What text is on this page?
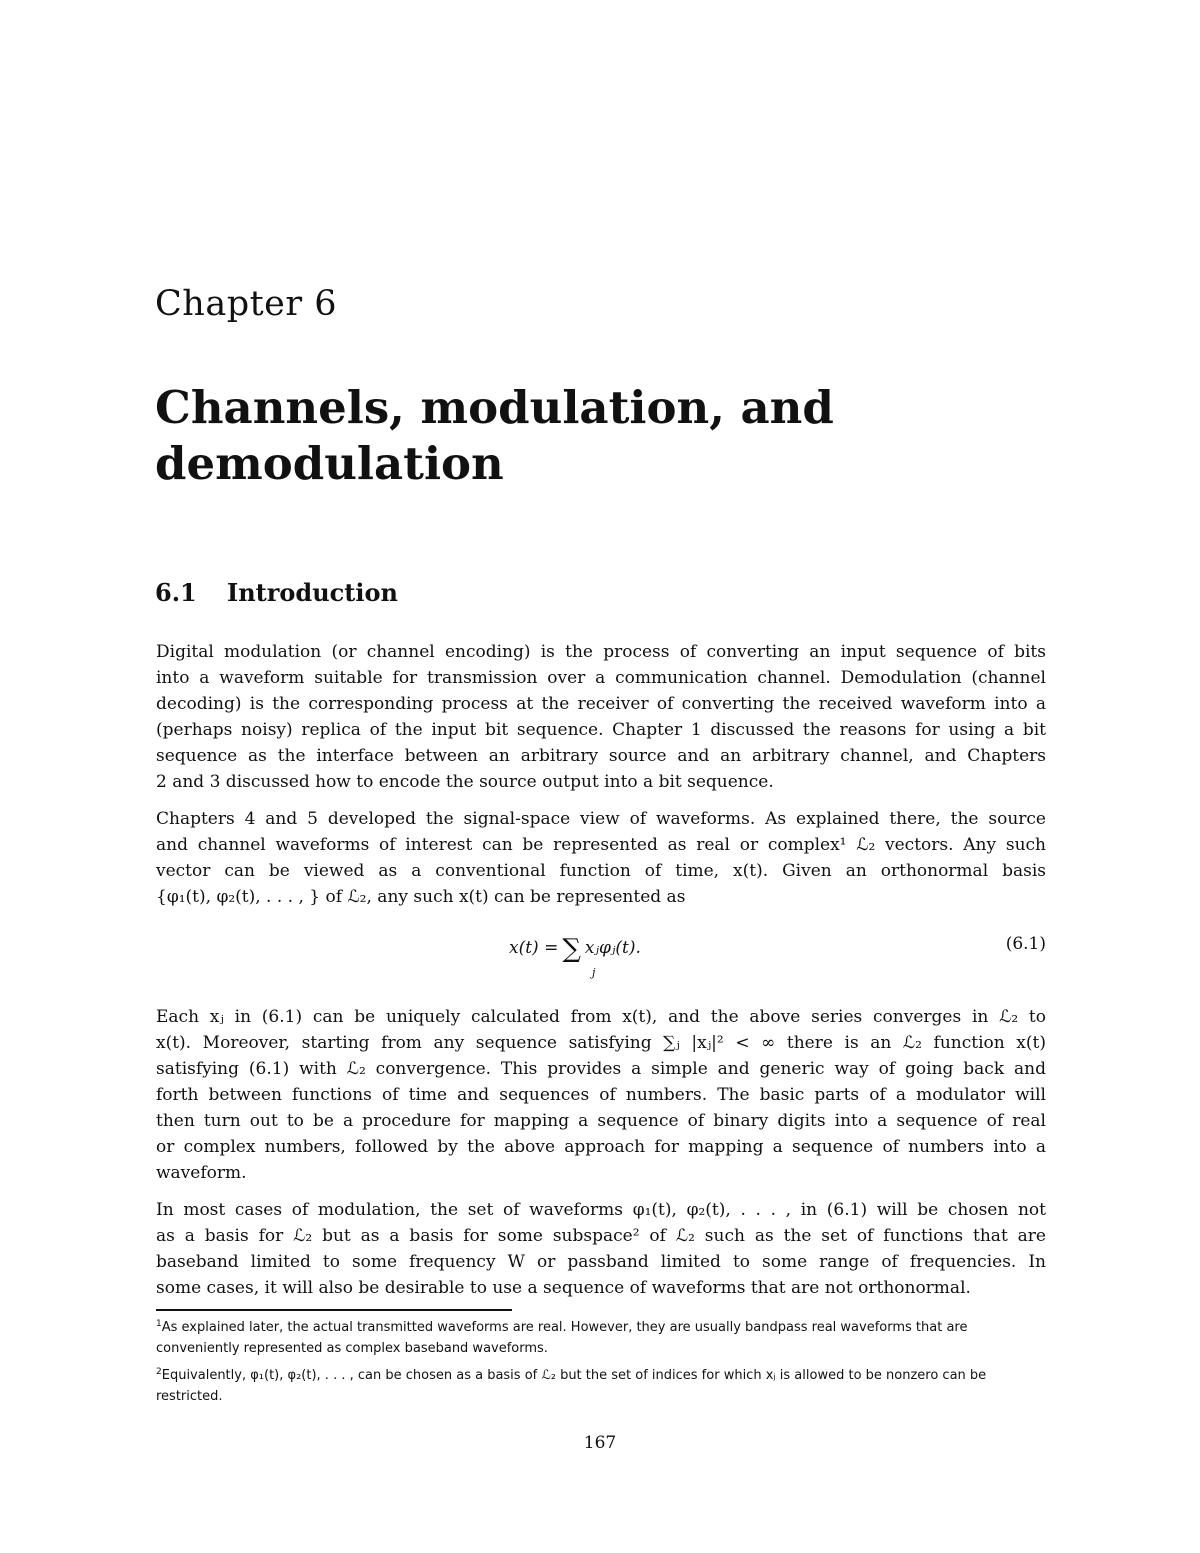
Chapter 6
Channels, modulation, and
demodulation
6.1 Introduction
Digital modulation (or channel encoding) is the process of converting an input sequence of bits
into a waveform suitable for transmission over a communication channel. Demodulation (channel
decoding) is the corresponding process at the receiver of converting the received waveform into a
(perhaps noisy) replica of the input bit sequence. Chapter 1 discussed the reasons for using a bit
sequence as the interface between an arbitrary source and an arbitrary channel, and Chapters
2 and 3 discussed how to encode the source output into a bit sequence.
Chapters 4 and 5 developed the signal-space view of waveforms. As explained there, the source
and channel waveforms of interest can be represented as real or complex¹ ℒ₂ vectors. Any such
vector can be viewed as a conventional function of time, x(t). Given an orthonormal basis
{φ₁(t), φ₂(t), . . . , } of ℒ₂, any such x(t) can be represented as
x(t) = ∑ xⱼφⱼ(t).
j
(6.1)
Each xⱼ in (6.1) can be uniquely calculated from x(t), and the above series converges in ℒ₂ to
x(t). Moreover, starting from any sequence satisfying ∑ⱼ |xⱼ|² < ∞ there is an ℒ₂ function x(t)
satisfying (6.1) with ℒ₂ convergence. This provides a simple and generic way of going back and
forth between functions of time and sequences of numbers. The basic parts of a modulator will
then turn out to be a procedure for mapping a sequence of binary digits into a sequence of real
or complex numbers, followed by the above approach for mapping a sequence of numbers into a
waveform.
In most cases of modulation, the set of waveforms φ₁(t), φ₂(t), . . . , in (6.1) will be chosen not
as a basis for ℒ₂ but as a basis for some subspace² of ℒ₂ such as the set of functions that are
baseband limited to some frequency W or passband limited to some range of frequencies. In
some cases, it will also be desirable to use a sequence of waveforms that are not orthonormal.

$^1$As explained later, the actual transmitted waveforms are real. However, they are usually bandpass real waveforms that are conveniently represented as complex baseband waveforms.

$^2$Equivalently, φ₁(t), φ₂(t), . . . , can be chosen as a basis of ℒ₂ but the set of indices for which xⱼ is allowed to be nonzero can be restricted.

167
